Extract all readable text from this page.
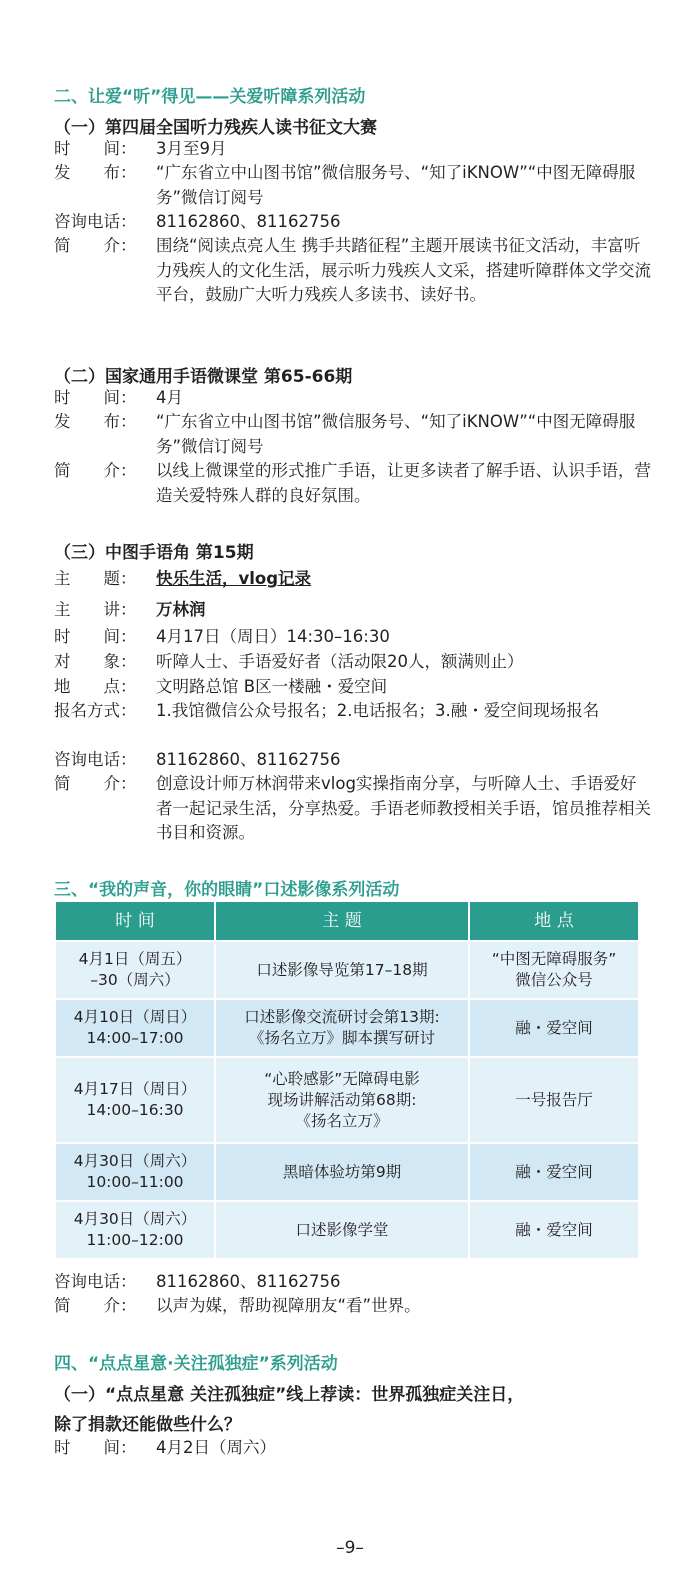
二、让爱“听”得见——关爱听障系列活动
（一）第四届全国听力残疾人读书征文大赛
时　　间： 3月至9月
发　　布： “广东省立中山图书馆”微信服务号、“知了iKNOW”“中图无障碍服务”微信订阅号
咨询电话： 81162860、81162756
简　　介： 围绕“阅读点亮人生 携手共踏征程”主题开展读书征文活动，丰富听力残疾人的文化生活，展示听力残疾人文采，搭建听障群体文学交流平台，鼓励广大听力残疾人多读书、读好书。
（二）国家通用手语微课堂 第65-66期
时　　间： 4月
发　　布： “广东省立中山图书馆”微信服务号、“知了iKNOW”“中图无障碍服务”微信订阅号
简　　介： 以线上微课堂的形式推广手语，让更多读者了解手语、认识手语，营造关爱特殊人群的良好氛围。
（三）中图手语角 第15期
主　　题： 快乐生活，vlog记录
主　　讲： 万林润
时　　间： 4月17日（周日）14:30–16:30
对　　象： 听障人士、手语爱好者（活动限20人，额满则止）
地　　点： 文明路总馆 B区一楼融・爱空间
报名方式： 1.我馆微信公众号报名；2.电话报名；3.融・爱空间现场报名
咨询电话： 81162860、81162756
简　　介： 创意设计师万林润带来vlog实操指南分享，与听障人士、手语爱好者一起记录生活，分享热爱。手语老师教授相关手语，馆员推荐相关书目和资源。
三、“我的声音，你的眼睛”口述影像系列活动
时 间	主 题	地 点
4月1日（周五）
–30（周六）	口述影像导览第17–18期	“中图无障碍服务”
微信公众号
4月10日（周日）
14:00–17:00	口述影像交流研讨会第13期:
《扬名立万》脚本撰写研讨	融・爱空间
4月17日（周日）
14:00–16:30	“心聆感影”无障碍电影
现场讲解活动第68期:
《扬名立万》	一号报告厅
4月30日（周六）
10:00–11:00	黑暗体验坊第9期	融・爱空间
4月30日（周六）
11:00–12:00	口述影像学堂	融・爱空间
咨询电话： 81162860、81162756
简　　介： 以声为媒，帮助视障朋友“看”世界。
四、“点点星意·关注孤独症”系列活动
（一）“点点星意 关注孤独症”线上荐读：世界孤独症关注日，
除了捐款还能做些什么？
时　　间： 4月2日（周六）
–9–
